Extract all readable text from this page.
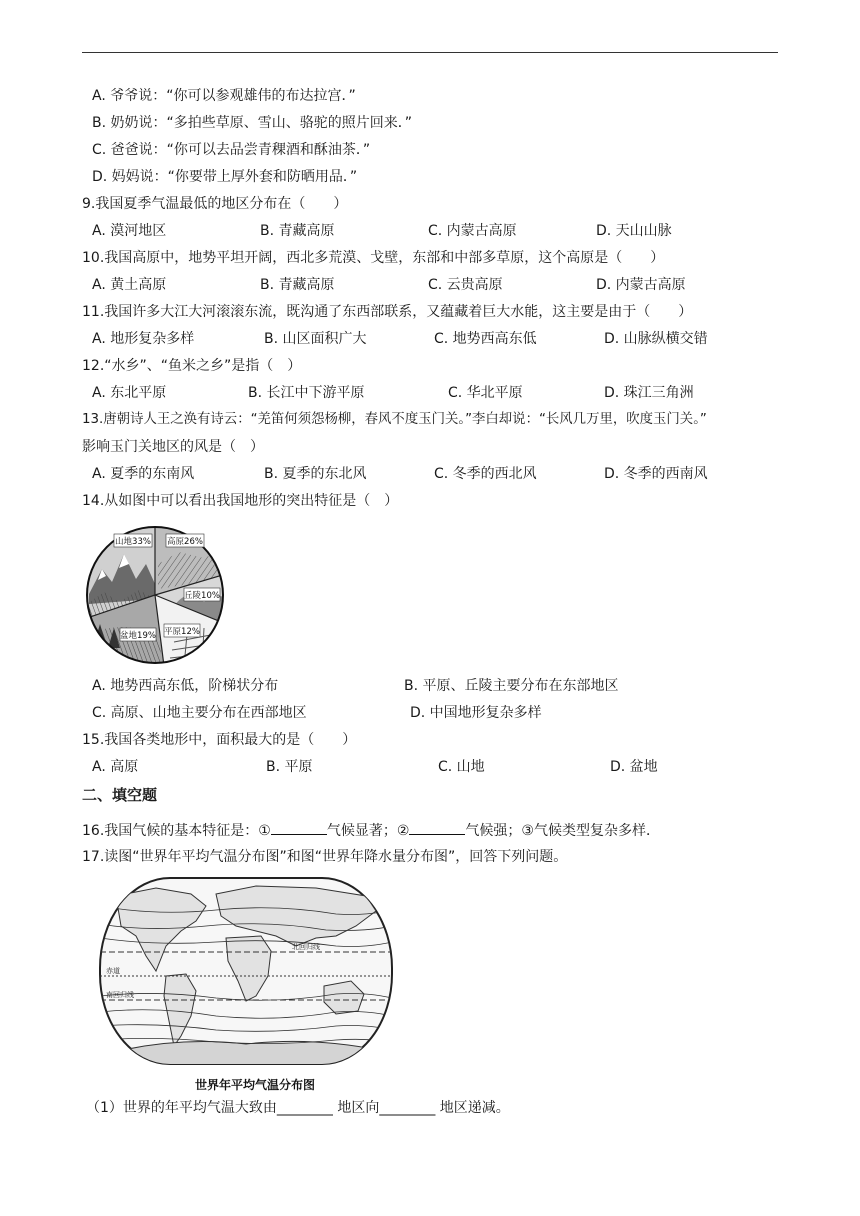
A. 爷爷说：“你可以参观雄伟的布达拉宫．”
B. 奶奶说：“多拍些草原、雪山、骆驼的照片回来．”
C. 爸爸说：“你可以去品尝青稞酒和酥油茶．”
D. 妈妈说：“你要带上厚外套和防晒用品．”
9.我国夏季气温最低的地区分布在（　　）
A. 漠河地区	B. 青藏高原	C. 内蒙古高原	D. 天山山脉
10.我国高原中，地势平坦开阔，西北多荒漠、戈壁，东部和中部多草原，这个高原是（　　）
A. 黄土高原	B. 青藏高原	C. 云贵高原	D. 内蒙古高原
11.我国许多大江大河滚滚东流，既沟通了东西部联系，又蕴藏着巨大水能，这主要是由于（　　）
A. 地形复杂多样	B. 山区面积广大	C. 地势西高东低	D. 山脉纵横交错
12.“水乡”、“鱼米之乡”是指（　）
A. 东北平原	B. 长江中下游平原	C. 华北平原	D. 珠江三角洲
13.唐朝诗人王之涣有诗云：“羌笛何须怨杨柳，春风不度玉门关。”李白却说：“长风几万里，吹度玉门关。”
影响玉门关地区的风是（　）
A. 夏季的东南风	B. 夏季的东北风	C. 冬季的西北风	D. 冬季的西南风
14.从如图中可以看出我国地形的突出特征是（　）
山地33% 高原26%
丘陵10%
盆地19% 平原12%
A. 地势西高东低，阶梯状分布	B. 平原、丘陵主要分布在东部地区
C. 高原、山地主要分布在西部地区	D. 中国地形复杂多样
15.我国各类地形中，面积最大的是（　　）
A. 高原	B. 平原	C. 山地	D. 盆地
二、填空题
16.我国气候的基本特征是：①	气候显著；②	气候强；③气候类型复杂多样．
17.读图“世界年平均气温分布图”和图“世界年降水量分布图”，回答下列问题。
北回归线
赤道
南回归线
世界年平均气温分布图
（1）世界的年平均气温大致由________ 地区向________ 地区递减。
